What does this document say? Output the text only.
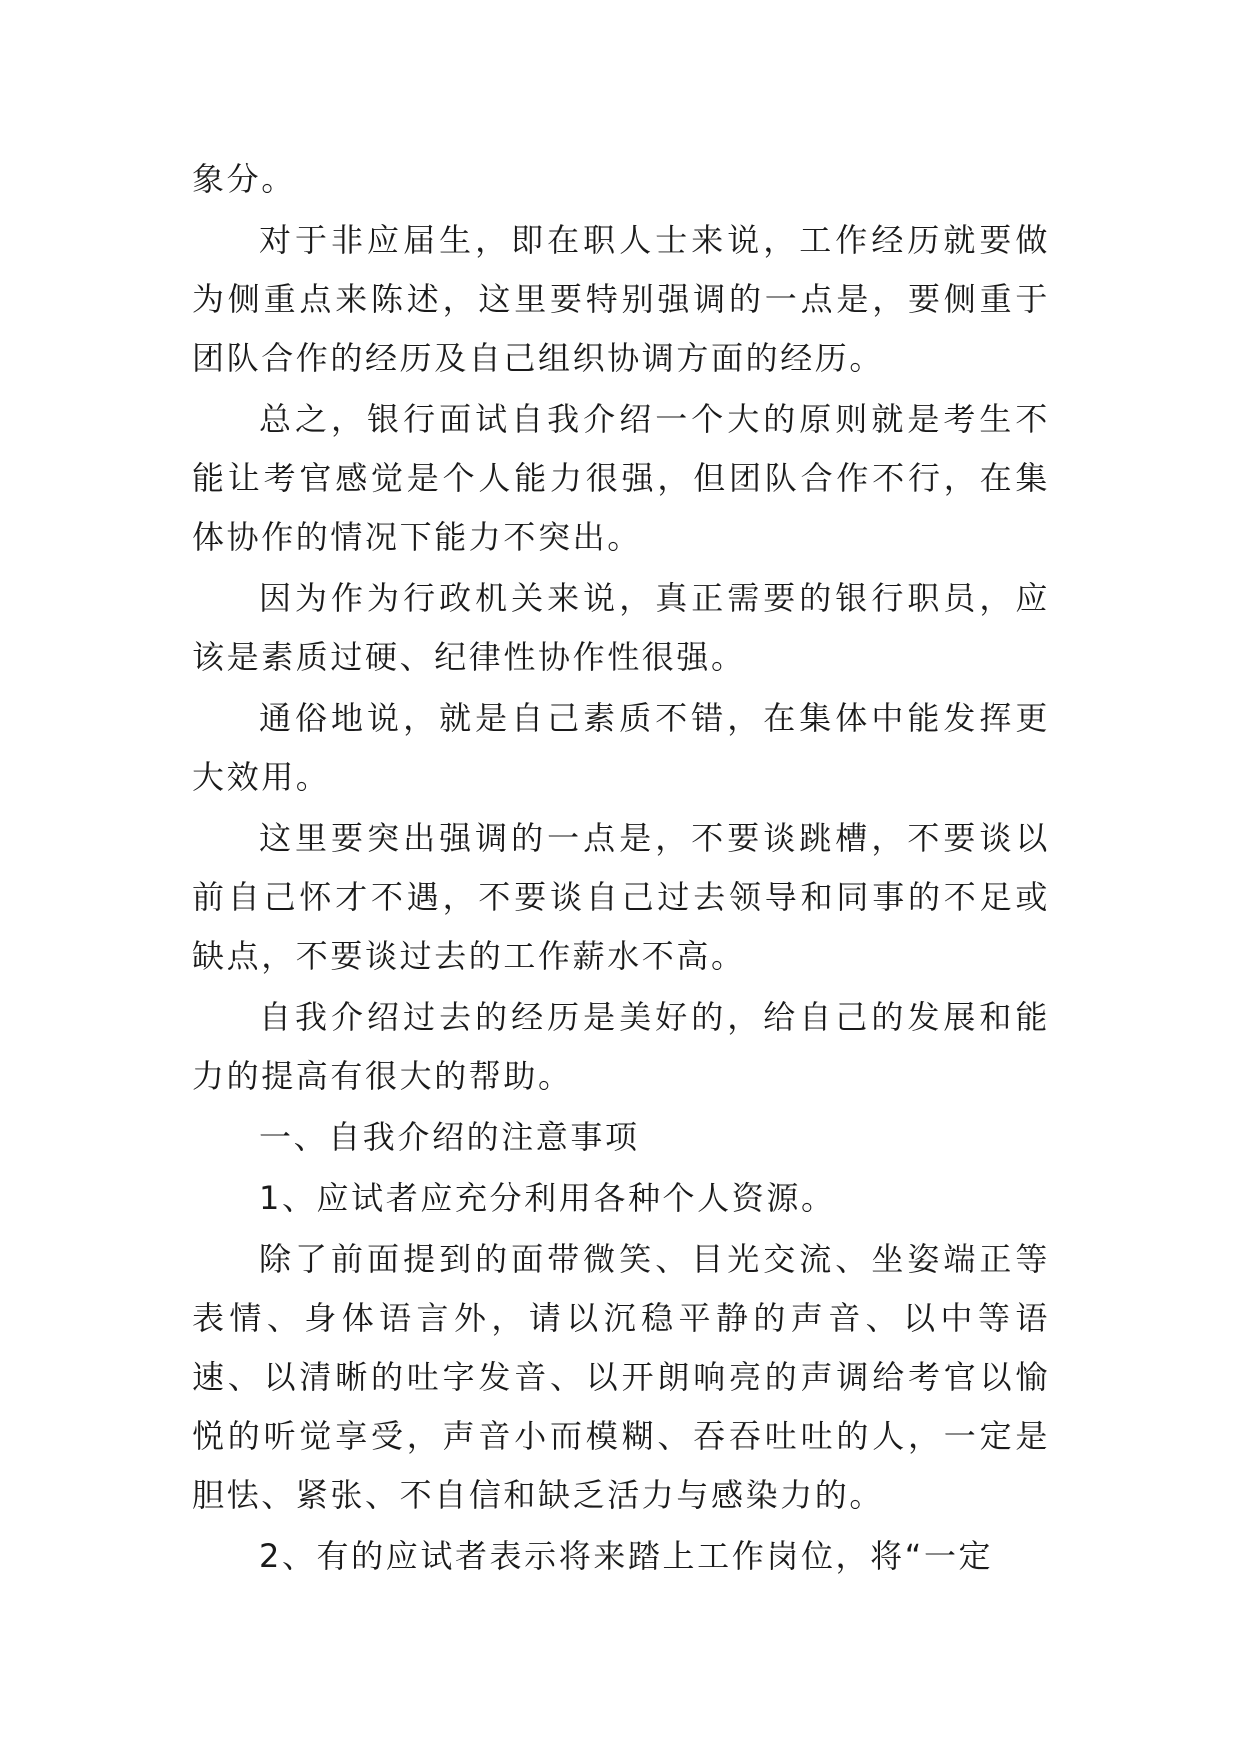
象分。

对于非应届生，即在职人士来说，工作经历就要做为侧重点来陈述，这里要特别强调的一点是，要侧重于团队合作的经历及自己组织协调方面的经历。

总之，银行面试自我介绍一个大的原则就是考生不能让考官感觉是个人能力很强，但团队合作不行，在集体协作的情况下能力不突出。

因为作为行政机关来说，真正需要的银行职员，应该是素质过硬、纪律性协作性很强。

通俗地说，就是自己素质不错，在集体中能发挥更大效用。

这里要突出强调的一点是，不要谈跳槽，不要谈以前自己怀才不遇，不要谈自己过去领导和同事的不足或缺点，不要谈过去的工作薪水不高。

自我介绍过去的经历是美好的，给自己的发展和能力的提高有很大的帮助。

一、自我介绍的注意事项

1、应试者应充分利用各种个人资源。

除了前面提到的面带微笑、目光交流、坐姿端正等表情、身体语言外，请以沉稳平静的声音、以中等语速、以清晰的吐字发音、以开朗响亮的声调给考官以愉悦的听觉享受，声音小而模糊、吞吞吐吐的人，一定是胆怯、紧张、不自信和缺乏活力与感染力的。

2、有的应试者表示将来踏上工作岗位，将“一定
